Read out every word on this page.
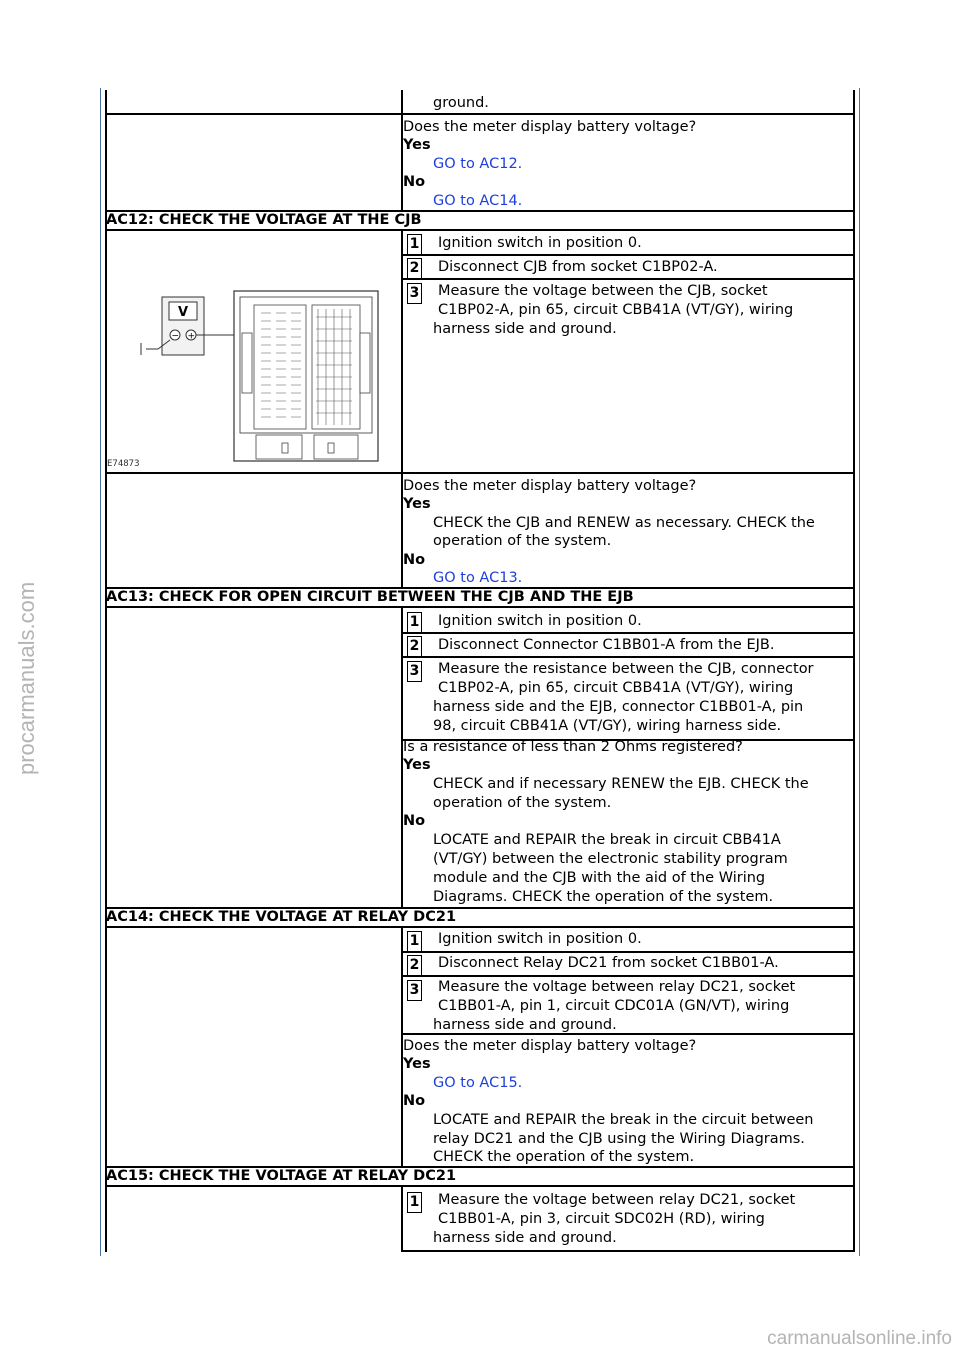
procarmanuals.com
carmanualsonline.info
ground.
Does the meter display battery voltage?
Yes
GO to AC12.
No
GO to AC14.
AC12: CHECK THE VOLTAGE AT THE CJB
1 Ignition switch in position 0.
2 Disconnect CJB from socket C1BP02-A.
3 Measure the voltage between the CJB, socket
C1BP02-A, pin 65, circuit CBB41A (VT/GY), wiring
harness side and ground.
V
− +
E74873
Does the meter display battery voltage?
Yes
CHECK the CJB and RENEW as necessary. CHECK the
operation of the system.
No
GO to AC13.
AC13: CHECK FOR OPEN CIRCUIT BETWEEN THE CJB AND THE EJB
1 Ignition switch in position 0.
2 Disconnect Connector C1BB01-A from the EJB.
3 Measure the resistance between the CJB, connector
C1BP02-A, pin 65, circuit CBB41A (VT/GY), wiring
harness side and the EJB, connector C1BB01-A, pin
98, circuit CBB41A (VT/GY), wiring harness side.
Is a resistance of less than 2 Ohms registered?
Yes
CHECK and if necessary RENEW the EJB. CHECK the
operation of the system.
No
LOCATE and REPAIR the break in circuit CBB41A
(VT/GY) between the electronic stability program
module and the CJB with the aid of the Wiring
Diagrams. CHECK the operation of the system.
AC14: CHECK THE VOLTAGE AT RELAY DC21
1 Ignition switch in position 0.
2 Disconnect Relay DC21 from socket C1BB01-A.
3 Measure the voltage between relay DC21, socket
C1BB01-A, pin 1, circuit CDC01A (GN/VT), wiring
harness side and ground.
Does the meter display battery voltage?
Yes
GO to AC15.
No
LOCATE and REPAIR the break in the circuit between
relay DC21 and the CJB using the Wiring Diagrams.
CHECK the operation of the system.
AC15: CHECK THE VOLTAGE AT RELAY DC21
1 Measure the voltage between relay DC21, socket
C1BB01-A, pin 3, circuit SDC02H (RD), wiring
harness side and ground.
